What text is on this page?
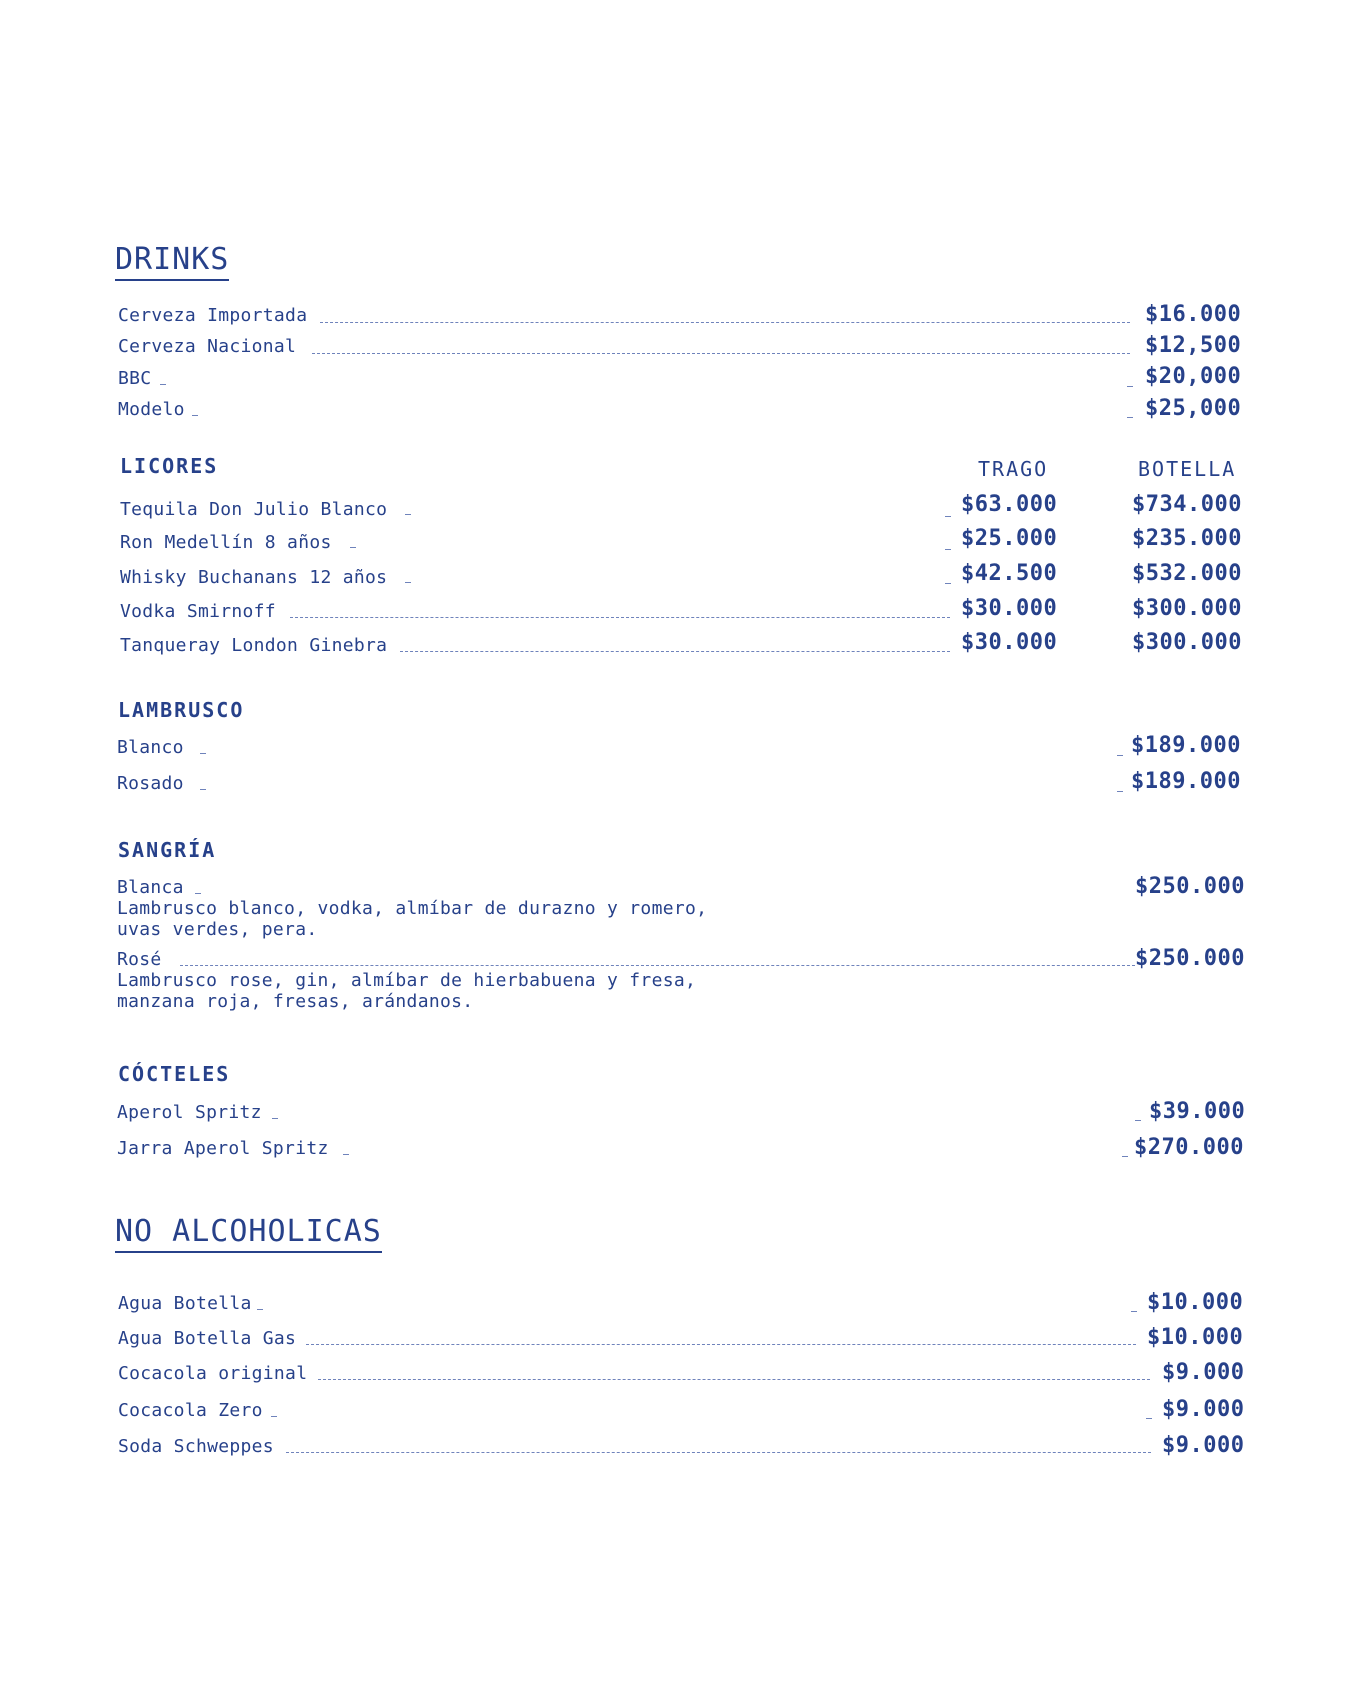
DRINKS
Cerveza Importada	$16.000
Cerveza Nacional	$12,500
BBC	$20,000
Modelo	$25,000
LICORES	TRAGO	BOTELLA
Tequila Don Julio Blanco	$63.000	$734.000
Ron Medellín 8 años	$25.000	$235.000
Whisky Buchanans 12 años	$42.500	$532.000
Vodka Smirnoff	$30.000	$300.000
Tanqueray London Ginebra	$30.000	$300.000
LAMBRUSCO
Blanco	$189.000
Rosado	$189.000
SANGRÍA
Blanca	$250.000
Lambrusco blanco, vodka, almíbar de durazno y romero,
uvas verdes, pera.
Rosé	$250.000
Lambrusco rose, gin, almíbar de hierbabuena y fresa,
manzana roja, fresas, arándanos.
CÓCTELES
Aperol Spritz	$39.000
Jarra Aperol Spritz	$270.000
NO ALCOHOLICAS
Agua Botella	$10.000
Agua Botella Gas	$10.000
Cocacola original	$9.000
Cocacola Zero	$9.000
Soda Schweppes	$9.000
